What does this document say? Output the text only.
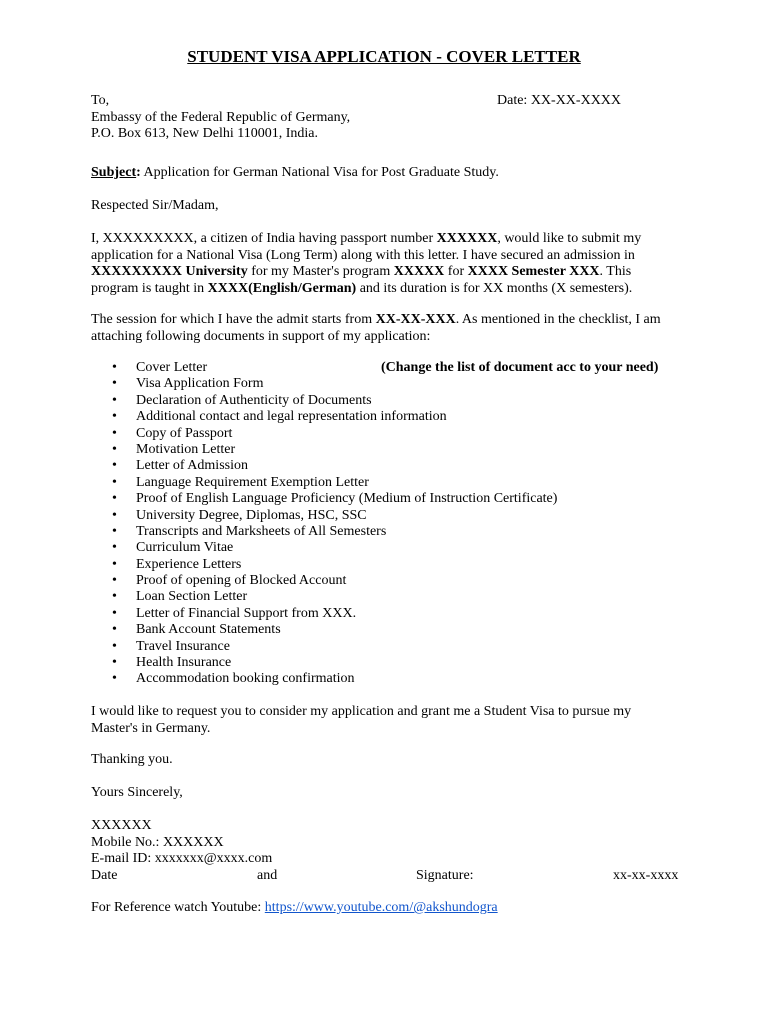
STUDENT VISA APPLICATION - COVER LETTER

To,

Embassy of the Federal Republic of Germany,

P.O. Box 613, New Delhi 110001, India.

Date: XX-XX-XXXX

Subject: Application for German National Visa for Post Graduate Study.

Respected Sir/Madam,

I, XXXXXXXXX, a citizen of India having passport number XXXXXX, would like to submit my application for a National Visa (Long Term) along with this letter. I have secured an admission in XXXXXXXXX University for my Master's program XXXXX for XXXX Semester XXX. This program is taught in XXXX(English/German) and its duration is for XX months (X semesters).

The session for which I have the admit starts from XX-XX-XXX. As mentioned in the checklist, I am attaching following documents in support of my application:

• Cover Letter
• Visa Application Form
• Declaration of Authenticity of Documents
• Additional contact and legal representation information
• Copy of Passport
• Motivation Letter
• Letter of Admission
• Language Requirement Exemption Letter
• Proof of English Language Proficiency (Medium of Instruction Certificate)
• University Degree, Diplomas, HSC, SSC
• Transcripts and Marksheets of All Semesters
• Curriculum Vitae
• Experience Letters
• Proof of opening of Blocked Account
• Loan Section Letter
• Letter of Financial Support from XXX.
• Bank Account Statements
• Travel Insurance
• Health Insurance
• Accommodation booking confirmation
(Change the list of document acc to your need)
I would like to request you to consider my application and grant me a Student Visa to pursue my Master's in Germany.
Thanking you.
Yours Sincerely,

XXXXXX

Mobile No.: XXXXXX

E-mail ID: xxxxxxx@xxxx.com

Date	and	Signature:	xx-xx-xxxx
For Reference watch Youtube: https://www.youtube.com/@akshundogra
